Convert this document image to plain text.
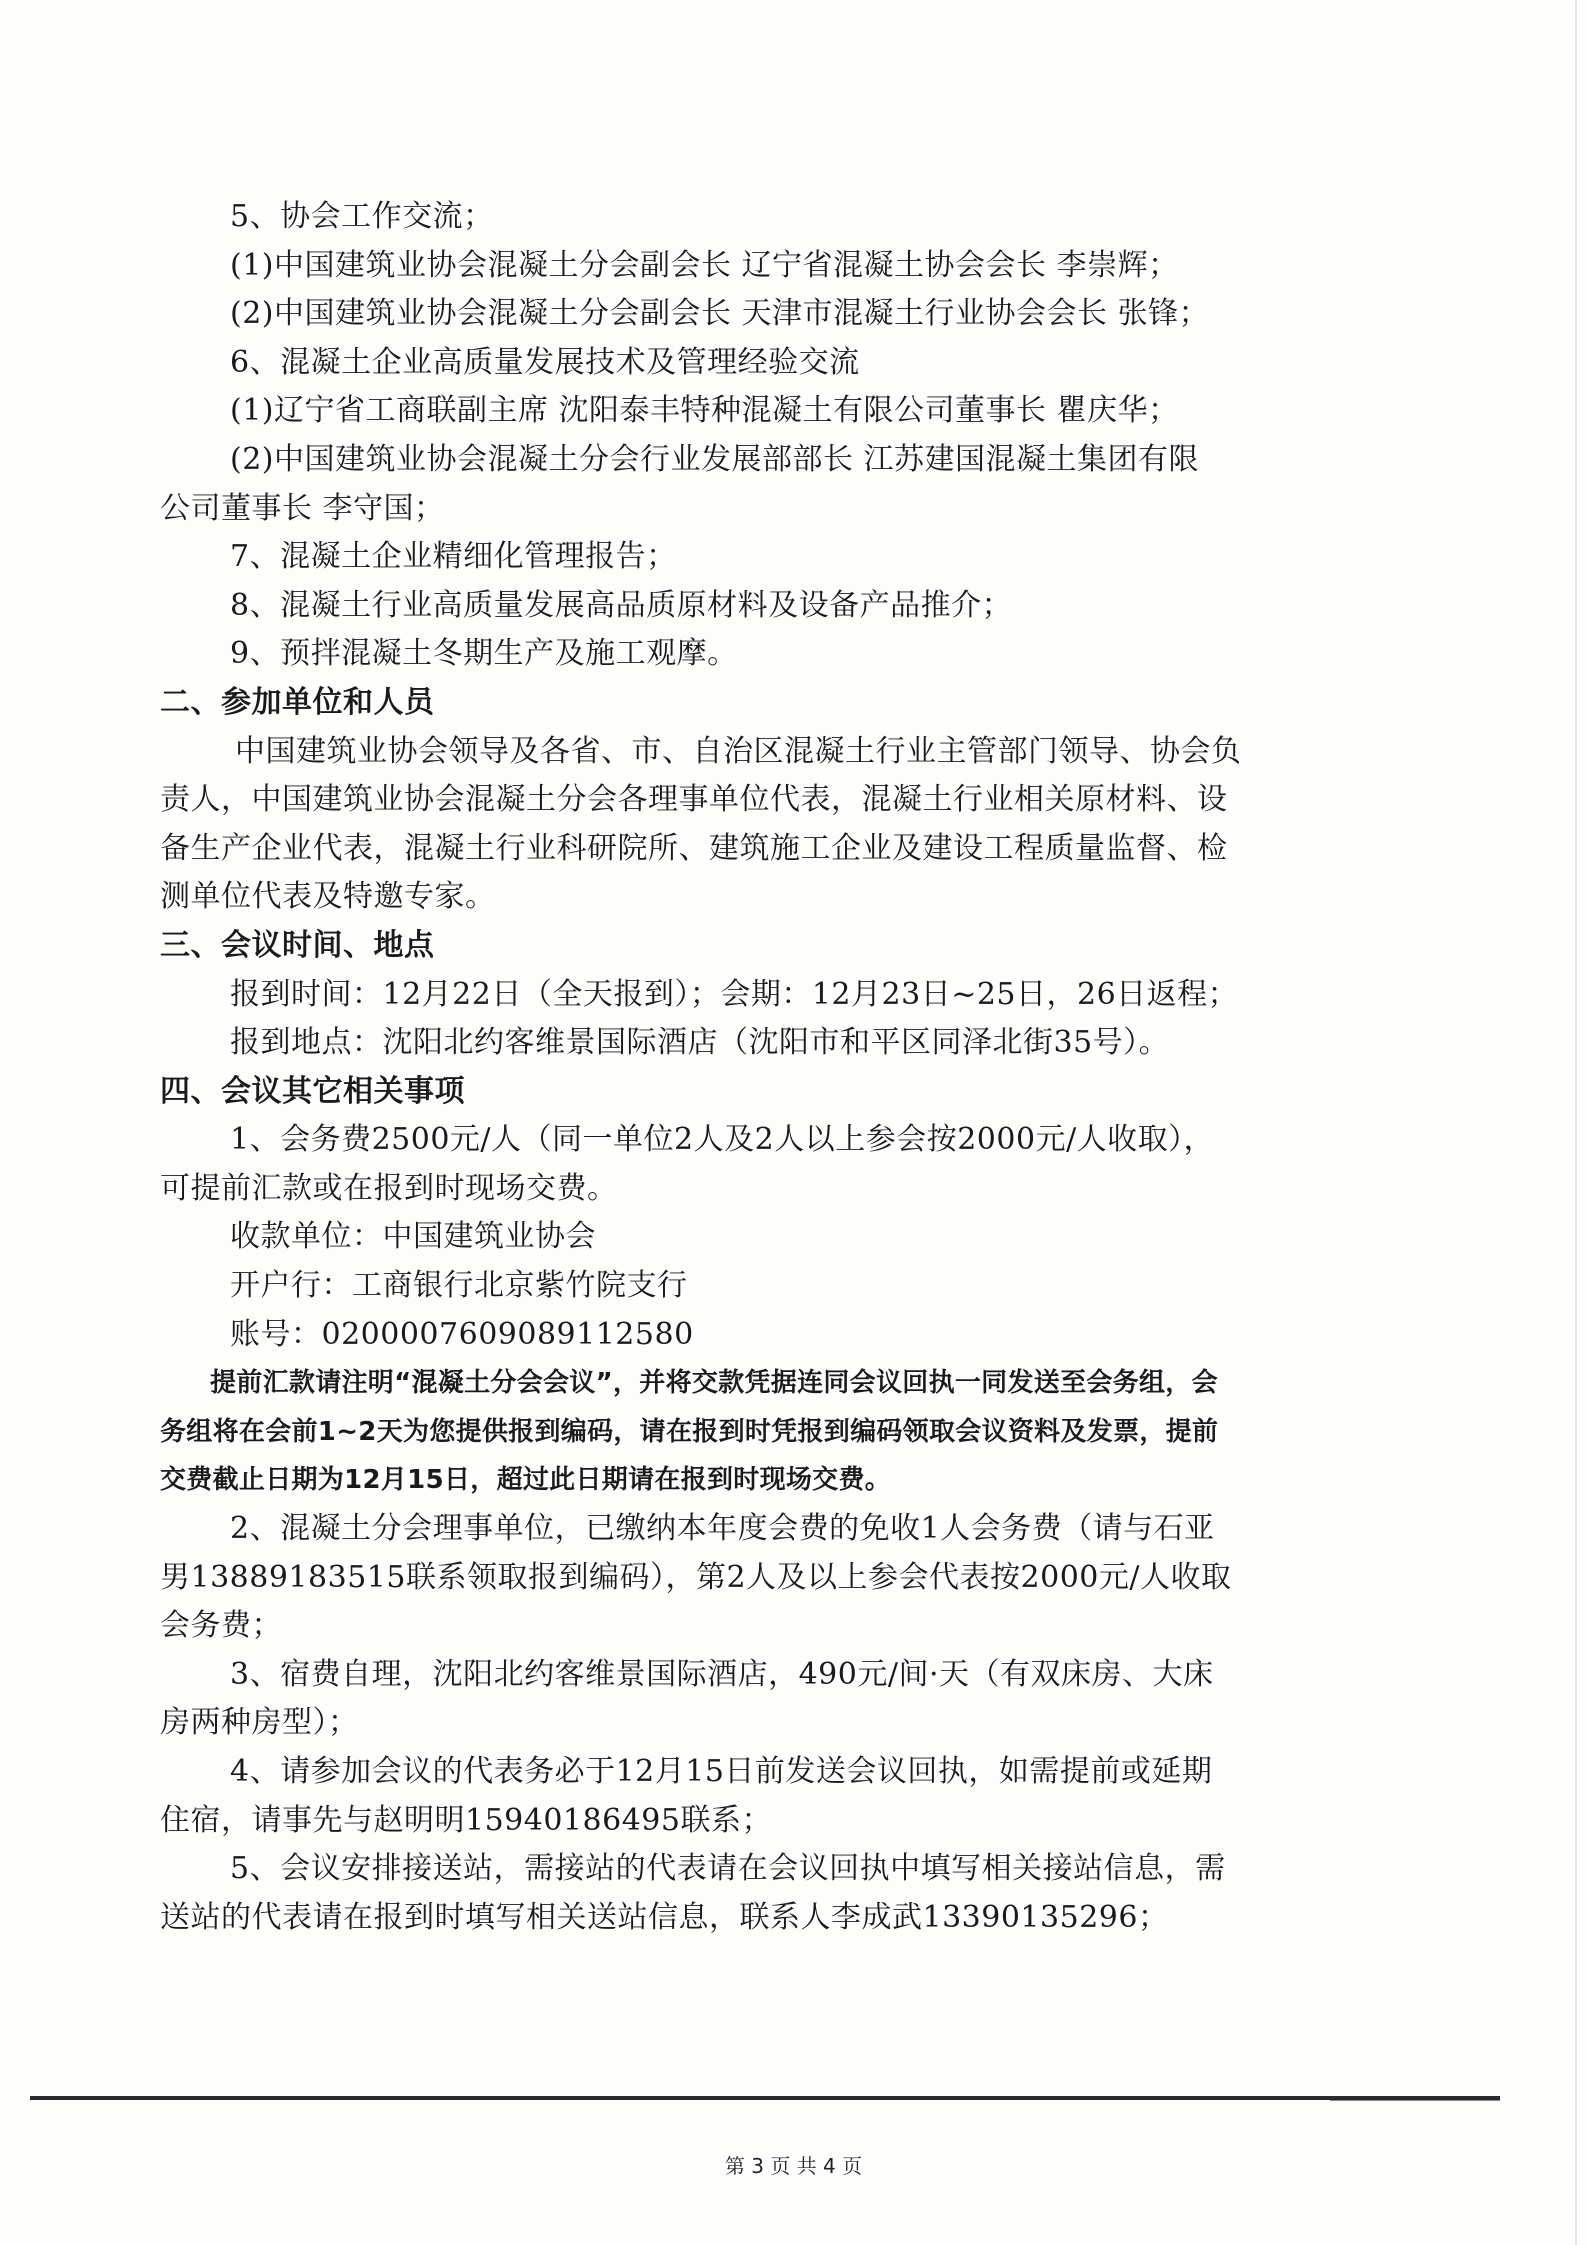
5、协会工作交流；
(1)中国建筑业协会混凝土分会副会长 辽宁省混凝土协会会长 李崇辉；
(2)中国建筑业协会混凝土分会副会长 天津市混凝土行业协会会长 张锋；
6、混凝土企业高质量发展技术及管理经验交流
(1)辽宁省工商联副主席 沈阳泰丰特种混凝土有限公司董事长 瞿庆华；
(2)中国建筑业协会混凝土分会行业发展部部长 江苏建国混凝土集团有限
公司董事长 李守国；
7、混凝土企业精细化管理报告；
8、混凝土行业高质量发展高品质原材料及设备产品推介；
9、预拌混凝土冬期生产及施工观摩。
二、参加单位和人员
中国建筑业协会领导及各省、市、自治区混凝土行业主管部门领导、协会负
责人，中国建筑业协会混凝土分会各理事单位代表，混凝土行业相关原材料、设
备生产企业代表，混凝土行业科研院所、建筑施工企业及建设工程质量监督、检
测单位代表及特邀专家。
三、会议时间、地点
报到时间：12月22日（全天报到）；会期：12月23日~25日，26日返程；
报到地点：沈阳北约客维景国际酒店（沈阳市和平区同泽北街35号）。
四、会议其它相关事项
1、会务费2500元/人（同一单位2人及2人以上参会按2000元/人收取），
可提前汇款或在报到时现场交费。
收款单位：中国建筑业协会
开户行：工商银行北京紫竹院支行
账号：0200007609089112580
提前汇款请注明“混凝土分会会议”，并将交款凭据连同会议回执一同发送至会务组，会
务组将在会前1~2天为您提供报到编码，请在报到时凭报到编码领取会议资料及发票，提前
交费截止日期为12月15日，超过此日期请在报到时现场交费。
2、混凝土分会理事单位，已缴纳本年度会费的免收1人会务费（请与石亚
男13889183515联系领取报到编码），第2人及以上参会代表按2000元/人收取
会务费；
3、宿费自理，沈阳北约客维景国际酒店，490元/间·天（有双床房、大床
房两种房型）；
4、请参加会议的代表务必于12月15日前发送会议回执，如需提前或延期
住宿，请事先与赵明明15940186495联系；
5、会议安排接送站，需接站的代表请在会议回执中填写相关接站信息，需
送站的代表请在报到时填写相关送站信息，联系人李成武13390135296；
第 3 页 共 4 页
